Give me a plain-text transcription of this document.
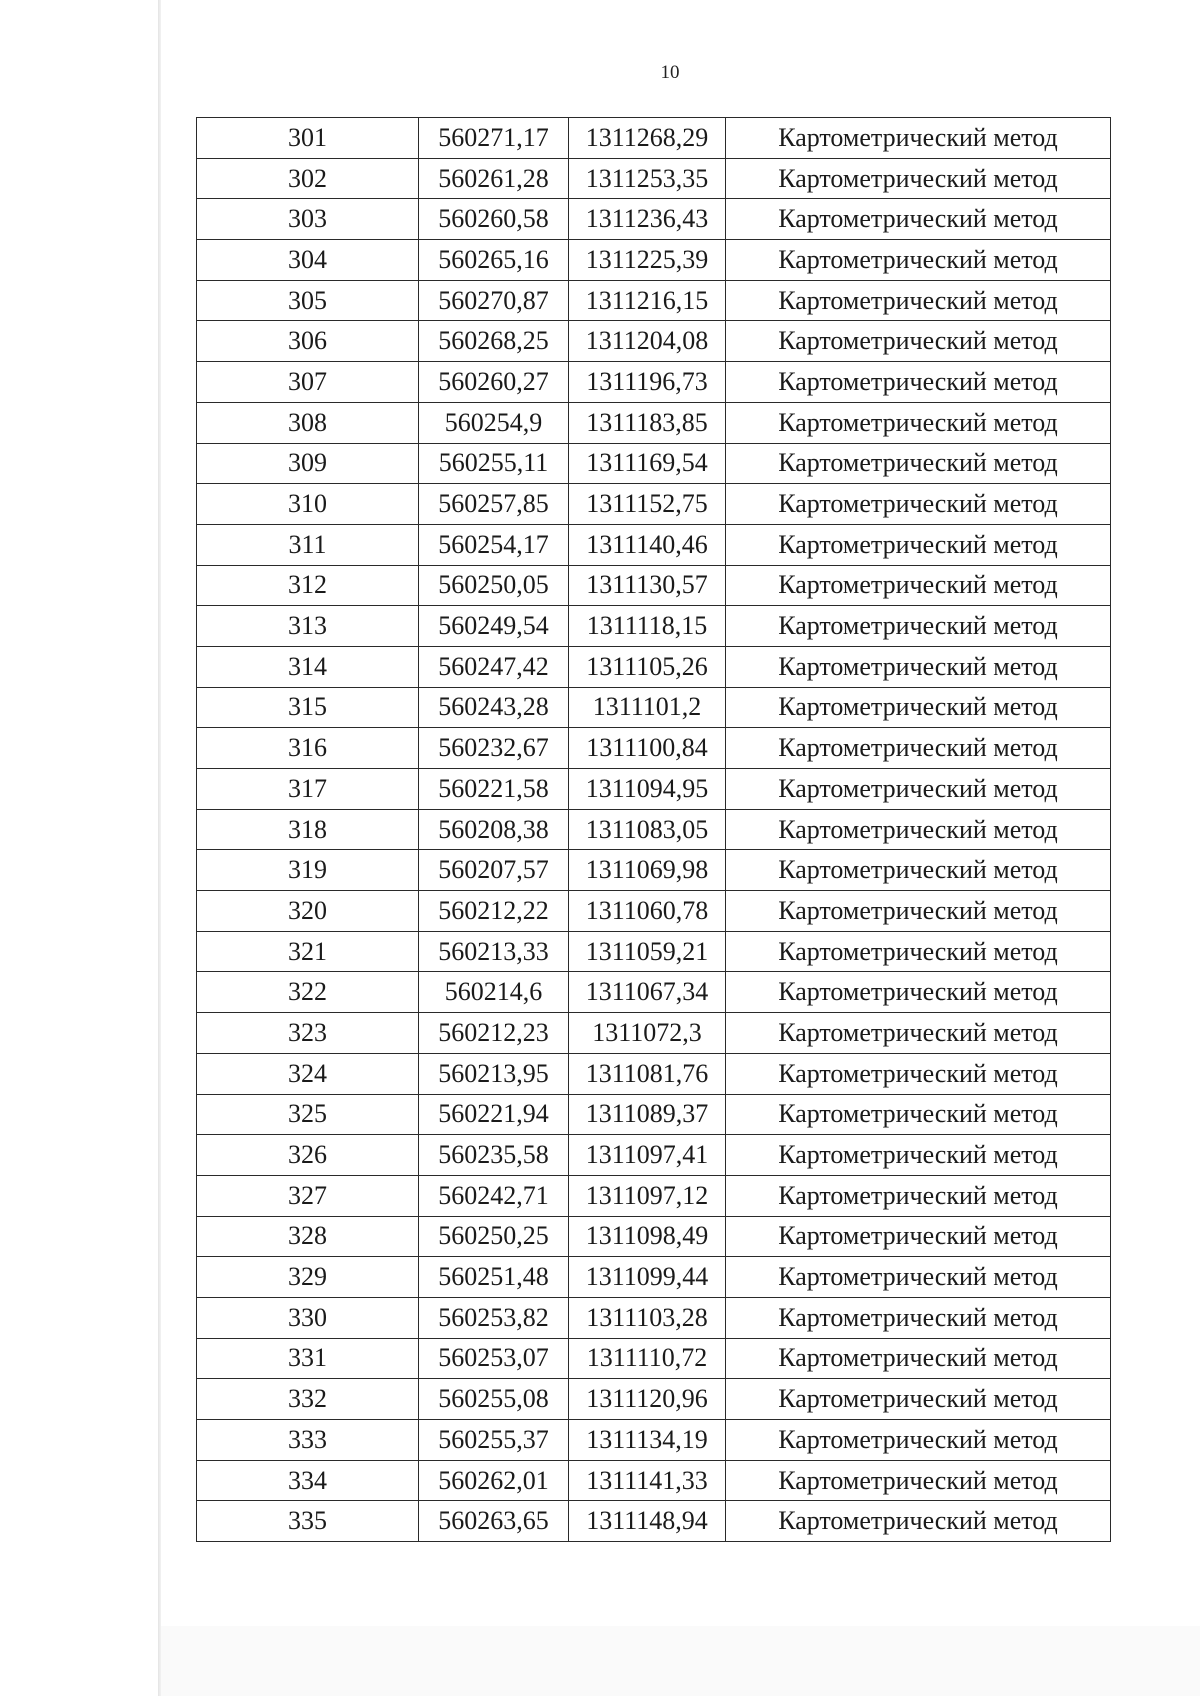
10
301	560271,17	1311268,29	Картометрический метод
302	560261,28	1311253,35	Картометрический метод
303	560260,58	1311236,43	Картометрический метод
304	560265,16	1311225,39	Картометрический метод
305	560270,87	1311216,15	Картометрический метод
306	560268,25	1311204,08	Картометрический метод
307	560260,27	1311196,73	Картометрический метод
308	560254,9	1311183,85	Картометрический метод
309	560255,11	1311169,54	Картометрический метод
310	560257,85	1311152,75	Картометрический метод
311	560254,17	1311140,46	Картометрический метод
312	560250,05	1311130,57	Картометрический метод
313	560249,54	1311118,15	Картометрический метод
314	560247,42	1311105,26	Картометрический метод
315	560243,28	1311101,2	Картометрический метод
316	560232,67	1311100,84	Картометрический метод
317	560221,58	1311094,95	Картометрический метод
318	560208,38	1311083,05	Картометрический метод
319	560207,57	1311069,98	Картометрический метод
320	560212,22	1311060,78	Картометрический метод
321	560213,33	1311059,21	Картометрический метод
322	560214,6	1311067,34	Картометрический метод
323	560212,23	1311072,3	Картометрический метод
324	560213,95	1311081,76	Картометрический метод
325	560221,94	1311089,37	Картометрический метод
326	560235,58	1311097,41	Картометрический метод
327	560242,71	1311097,12	Картометрический метод
328	560250,25	1311098,49	Картометрический метод
329	560251,48	1311099,44	Картометрический метод
330	560253,82	1311103,28	Картометрический метод
331	560253,07	1311110,72	Картометрический метод
332	560255,08	1311120,96	Картометрический метод
333	560255,37	1311134,19	Картометрический метод
334	560262,01	1311141,33	Картометрический метод
335	560263,65	1311148,94	Картометрический метод
